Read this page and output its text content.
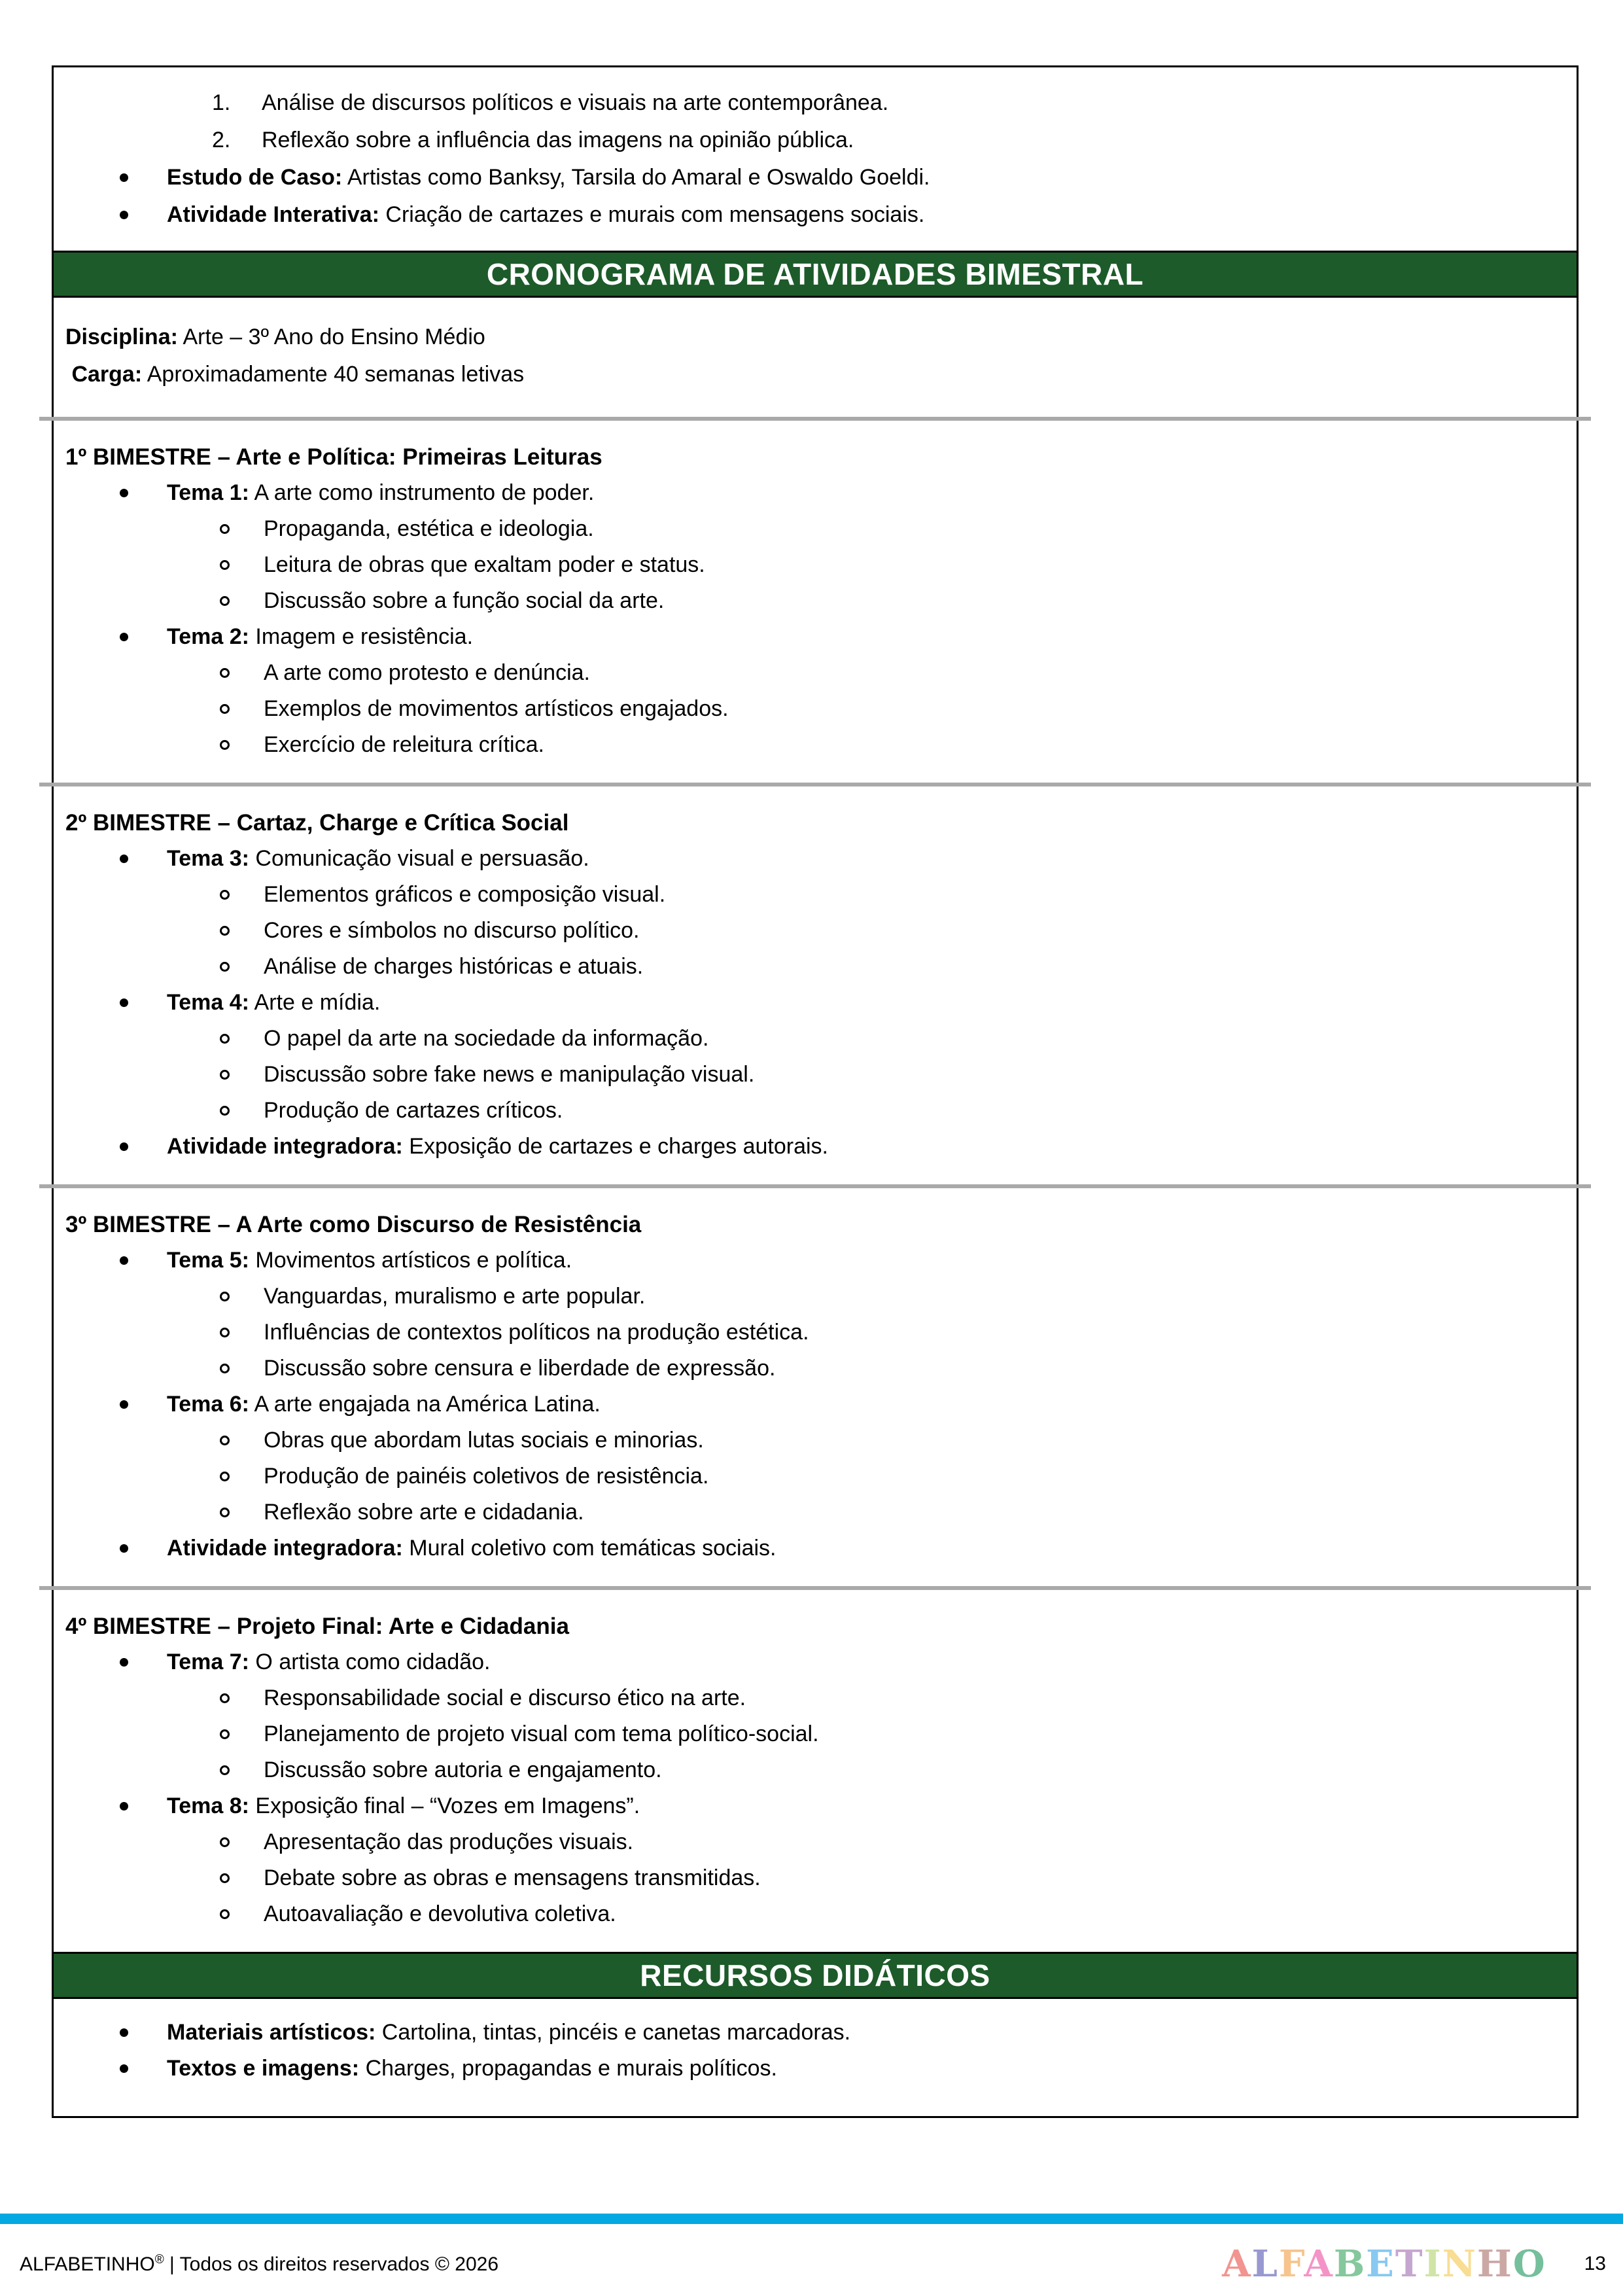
1. Análise de discursos políticos e visuais na arte contemporânea.
2. Reflexão sobre a influência das imagens na opinião pública.
Estudo de Caso: Artistas como Banksy, Tarsila do Amaral e Oswaldo Goeldi.
Atividade Interativa: Criação de cartazes e murais com mensagens sociais.
CRONOGRAMA DE ATIVIDADES BIMESTRAL
Disciplina: Arte – 3º Ano do Ensino Médio
Carga: Aproximadamente 40 semanas letivas
1º BIMESTRE – Arte e Política: Primeiras Leituras
Tema 1: A arte como instrumento de poder.
Propaganda, estética e ideologia.
Leitura de obras que exaltam poder e status.
Discussão sobre a função social da arte.
Tema 2: Imagem e resistência.
A arte como protesto e denúncia.
Exemplos de movimentos artísticos engajados.
Exercício de releitura crítica.
2º BIMESTRE – Cartaz, Charge e Crítica Social
Tema 3: Comunicação visual e persuasão.
Elementos gráficos e composição visual.
Cores e símbolos no discurso político.
Análise de charges históricas e atuais.
Tema 4: Arte e mídia.
O papel da arte na sociedade da informação.
Discussão sobre fake news e manipulação visual.
Produção de cartazes críticos.
Atividade integradora: Exposição de cartazes e charges autorais.
3º BIMESTRE – A Arte como Discurso de Resistência
Tema 5: Movimentos artísticos e política.
Vanguardas, muralismo e arte popular.
Influências de contextos políticos na produção estética.
Discussão sobre censura e liberdade de expressão.
Tema 6: A arte engajada na América Latina.
Obras que abordam lutas sociais e minorias.
Produção de painéis coletivos de resistência.
Reflexão sobre arte e cidadania.
Atividade integradora: Mural coletivo com temáticas sociais.
4º BIMESTRE – Projeto Final: Arte e Cidadania
Tema 7: O artista como cidadão.
Responsabilidade social e discurso ético na arte.
Planejamento de projeto visual com tema político-social.
Discussão sobre autoria e engajamento.
Tema 8: Exposição final – “Vozes em Imagens”.
Apresentação das produções visuais.
Debate sobre as obras e mensagens transmitidas.
Autoavaliação e devolutiva coletiva.
RECURSOS DIDÁTICOS
Materiais artísticos: Cartolina, tintas, pincéis e canetas marcadoras.
Textos e imagens: Charges, propagandas e murais políticos.
ALFABETINHO® | Todos os direitos reservados © 2026	ALFABETINHO 13
